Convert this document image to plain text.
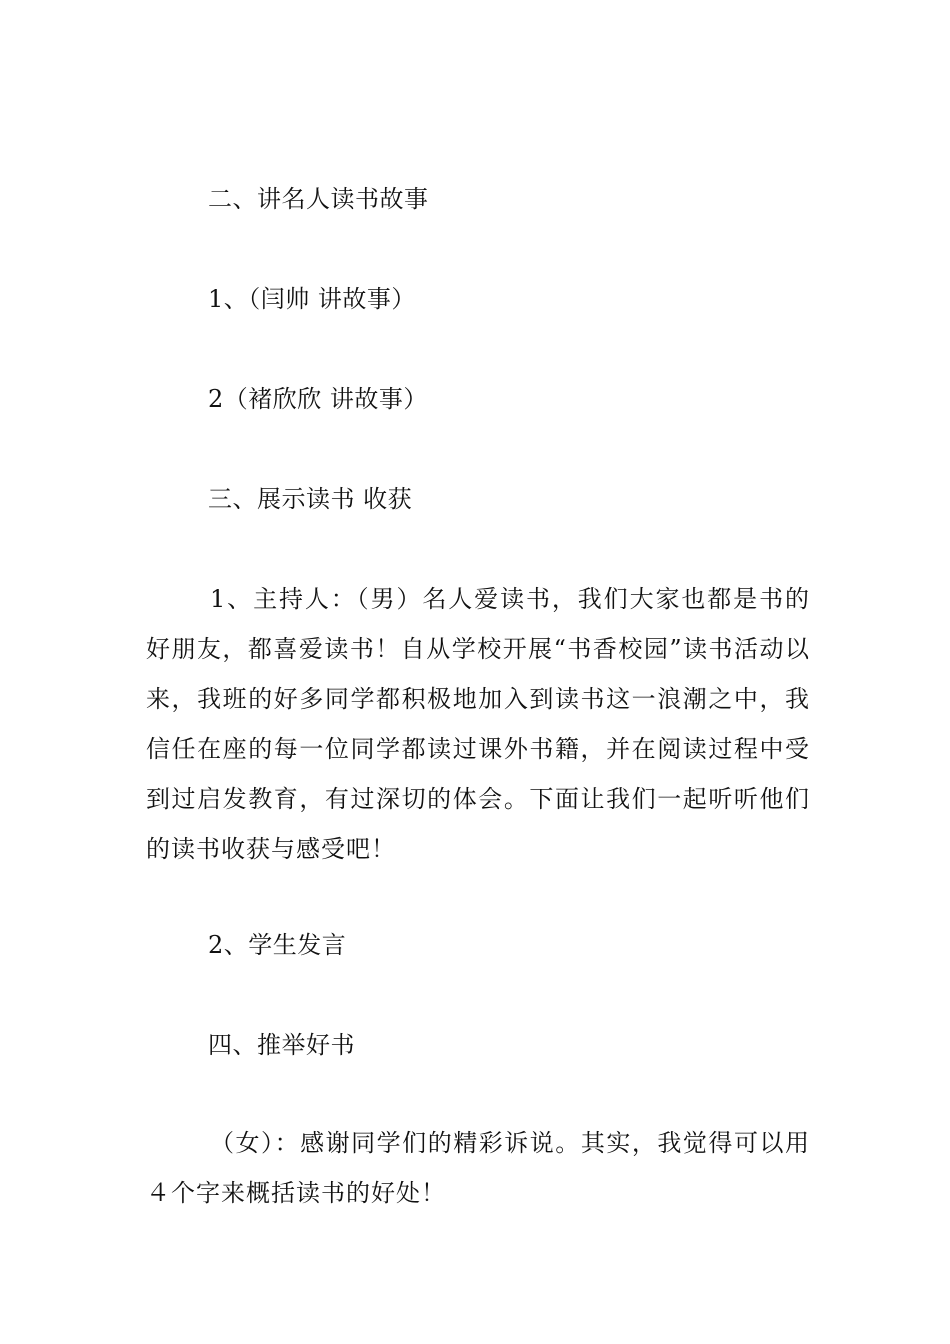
二、讲名人读书故事

1、（闫帅 讲故事）

2（褚欣欣 讲故事）

三、展示读书 收获

1、主持人：（男）名人爱读书，我们大家也都是书的好朋友，都喜爱读书！自从学校开展“书香校园”读书活动以来，我班的好多同学都积极地加入到读书这一浪潮之中，我信任在座的每一位同学都读过课外书籍，并在阅读过程中受到过启发教育，有过深切的体会。下面让我们一起听听他们的读书收获与感受吧！

2、学生发言

四、推举好书

（女）：感谢同学们的精彩诉说。其实，我觉得可以用４个字来概括读书的好处！
